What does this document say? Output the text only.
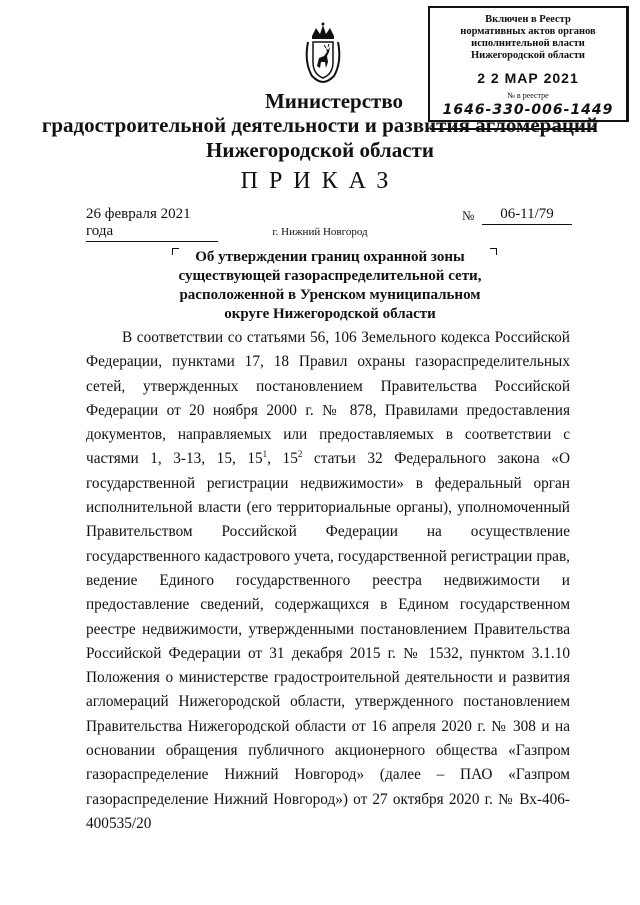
Включен в Реестр
нормативных актов органов
исполнительной власти
Нижегородской области
2 2 МАР 2021
№ в реестре
1646-330-006-1449
Министерство
градостроительной деятельности и развития агломераций
Нижегородской области
ПРИКАЗ
26 февраля 2021 года
№	06-11/79
г. Нижний Новгород
Об утверждении границ охранной зоны
существующей газораспределительной сети,
расположенной в Уренском муниципальном
округе Нижегородской области

В соответствии со статьями 56, 106 Земельного кодекса Российской Федерации, пунктами 17, 18 Правил охраны газораспределительных сетей, утвержденных постановлением Правительства Российской Федерации от 20 ноября 2000 г. № 878, Правилами предоставления документов, направляемых или предоставляемых в соответствии с частями 1, 3-13, 15, $15^1$, $15^2$ статьи 32 Федерального закона «О государственной регистрации недвижимости» в федеральный орган исполнительной власти (его территориальные органы), уполномоченный Правительством Российской Федерации на осуществление государственного кадастрового учета, государственной регистрации прав, ведение Единого государственного реестра недвижимости и предоставление сведений, содержащихся в Едином государственном реестре недвижимости, утвержденными постановлением Правительства Российской Федерации от 31 декабря 2015 г. № 1532, пунктом 3.1.10 Положения о министерстве градостроительной деятельности и развития агломераций Нижегородской области, утвержденного постановлением Правительства Нижегородской области от 16 апреля 2020 г. № 308 и на основании обращения публичного акционерного общества «Газпром газораспределение Нижний Новгород» (далее – ПАО «Газпром газораспределение Нижний Новгород») от 27 октября 2020 г. № Вх-406-400535/20
